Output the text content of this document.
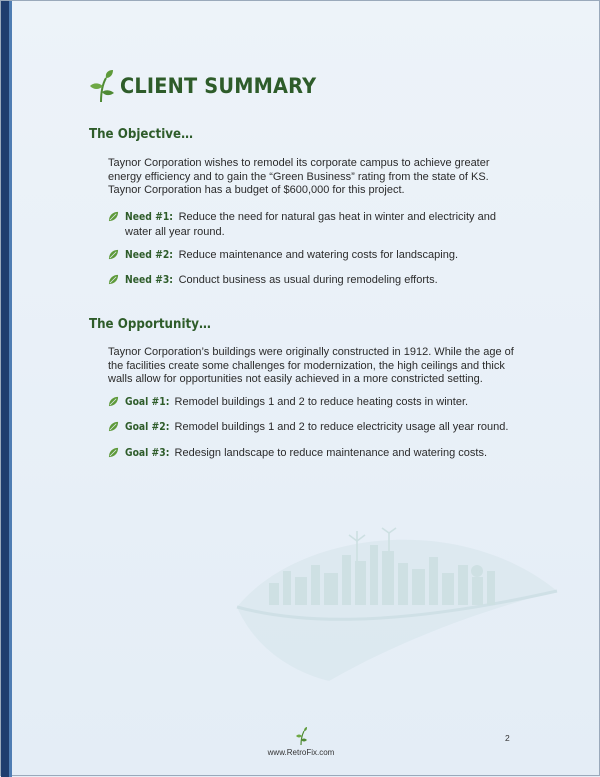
CLIENT SUMMARY
The Objective…

Taynor Corporation wishes to remodel its corporate campus to achieve greater energy efficiency and to gain the “Green Business” rating from the state of KS. Taynor Corporation has a budget of $600,000 for this project.

Need #1: Reduce the need for natural gas heat in winter and electricity and water all year round.

Need #2: Reduce maintenance and watering costs for landscaping.

Need #3: Conduct business as usual during remodeling efforts.

The Opportunity…

Taynor Corporation’s buildings were originally constructed in 1912. While the age of the facilities create some challenges for modernization, the high ceilings and thick walls allow for opportunities not easily achieved in a more constricted setting.

Goal #1: Remodel buildings 1 and 2 to reduce heating costs in winter.

Goal #2: Remodel buildings 1 and 2 to reduce electricity usage all year round.

Goal #3: Redesign landscape to reduce maintenance and watering costs.

www.RetroFix.com
2
